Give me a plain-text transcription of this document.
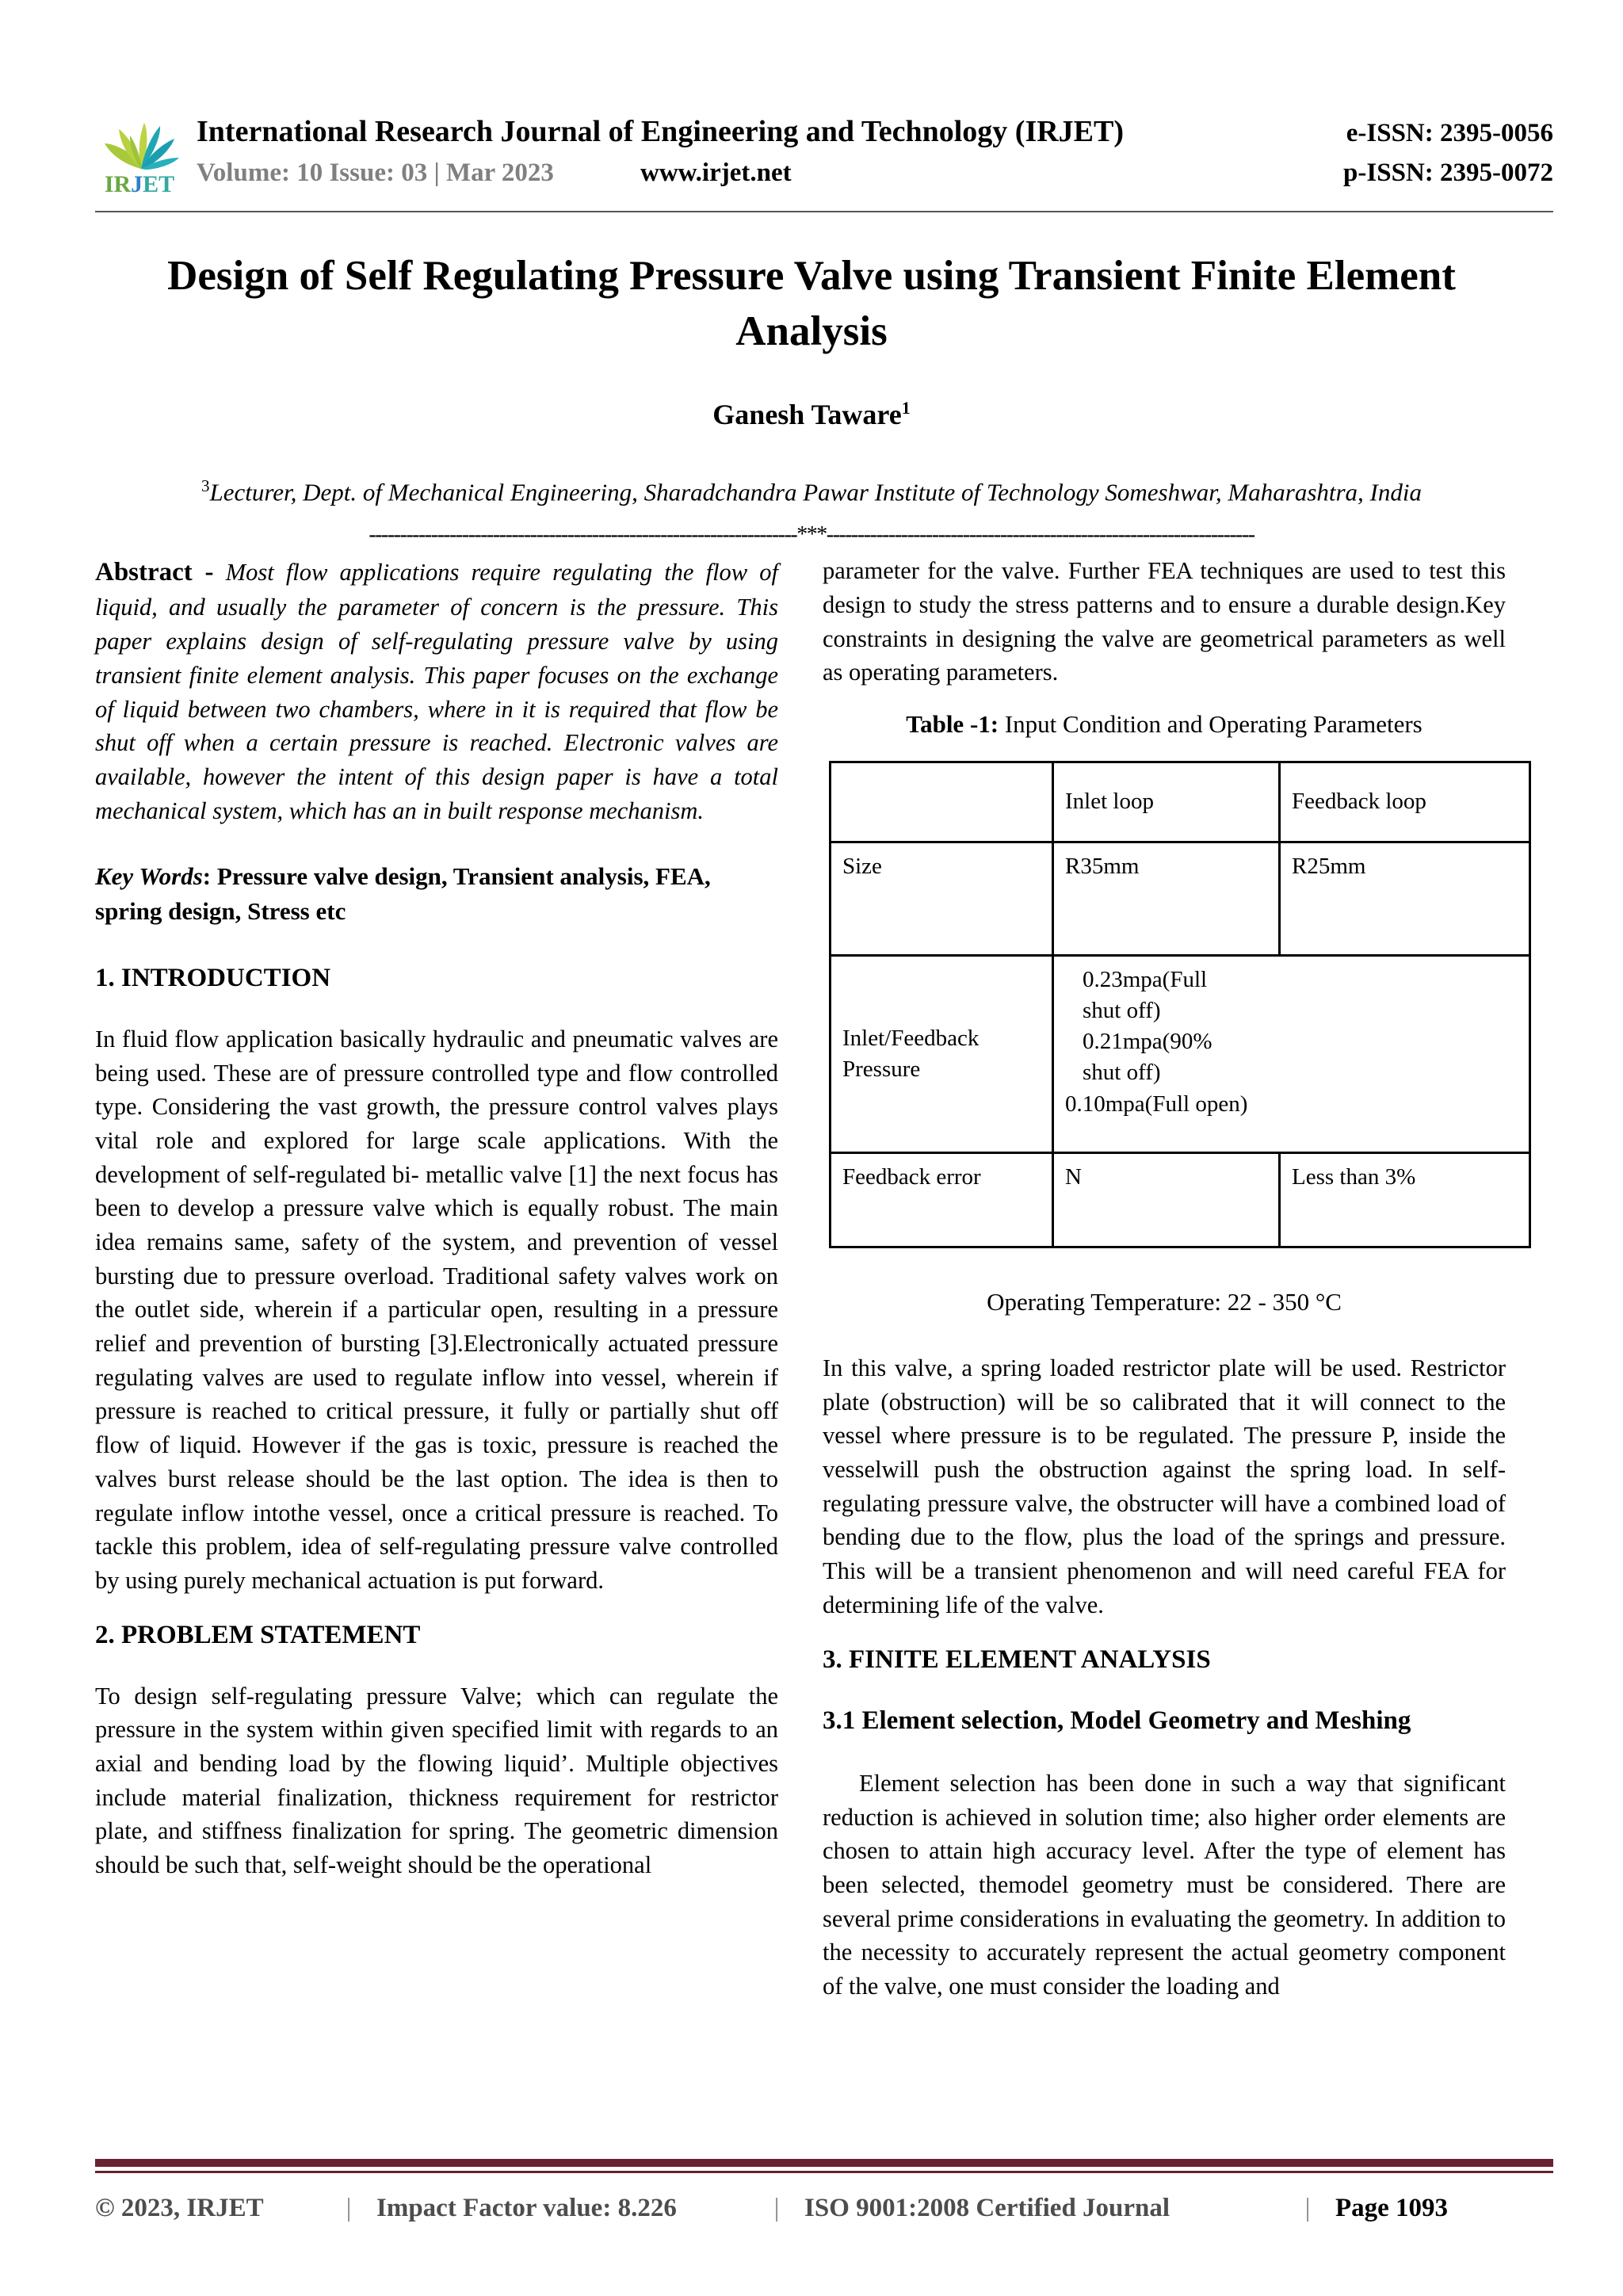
IRJET
International Research Journal of Engineering and Technology (IRJET)	e-ISSN: 2395-0056
Volume: 10 Issue: 03 | Mar 2023	www.irjet.net	p-ISSN: 2395-0072
Design of Self Regulating Pressure Valve using Transient Finite Element Analysis
Ganesh Taware$^1$
$^3$Lecturer, Dept. of Mechanical Engineering, Sharadchandra Pawar Institute of Technology Someshwar, Maharashtra, India
---------------------------------------------------------------------***---------------------------------------------------------------------

Abstract - Most flow applications require regulating the flow of liquid, and usually the parameter of concern is the pressure. This paper explains design of self-regulating pressure valve by using transient finite element analysis. This paper focuses on the exchange of liquid between two chambers, where in it is required that flow be shut off when a certain pressure is reached. Electronic valves are available, however the intent of this design paper is have a total mechanical system, which has an in built response mechanism.

Key Words: Pressure valve design, Transient analysis, FEA, spring design, Stress etc

1. INTRODUCTION

In fluid flow application basically hydraulic and pneumatic valves are being used. These are of pressure controlled type and flow controlled type. Considering the vast growth, the pressure control valves plays vital role and explored for large scale applications. With the development of self-regulated bi- metallic valve [1] the next focus has been to develop a pressure valve which is equally robust. The main idea remains same, safety of the system, and prevention of vessel bursting due to pressure overload. Traditional safety valves work on the outlet side, wherein if a particular open, resulting in a pressure relief and prevention of bursting [3].Electronically actuated pressure regulating valves are used to regulate inflow into vessel, wherein if pressure is reached to critical pressure, it fully or partially shut off flow of liquid. However if the gas is toxic, pressure is reached the valves burst release should be the last option. The idea is then to regulate inflow intothe vessel, once a critical pressure is reached. To tackle this problem, idea of self-regulating pressure valve controlled by using purely mechanical actuation is put forward.

2. PROBLEM STATEMENT

To design self-regulating pressure Valve; which can regulate the pressure in the system within given specified limit with regards to an axial and bending load by the flowing liquid’. Multiple objectives include material finalization, thickness requirement for restrictor plate, and stiffness finalization for spring. The geometric dimension should be such that, self-weight should be the operational

parameter for the valve. Further FEA techniques are used to test this design to study the stress patterns and to ensure a durable design.Key constraints in designing the valve are geometrical parameters as well as operating parameters.

Table -1: Input Condition and Operating Parameters
	Inlet loop	Feedback loop
Size	R35mm	R25mm
Inlet/Feedback Pressure	0.23mpa(Full
shut off)
0.21mpa(90%
shut off)
0.10mpa(Full open)	

Feedback error	N	Less than 3%
Operating Temperature: 22 - 350 °C

In this valve, a spring loaded restrictor plate will be used. Restrictor plate (obstruction) will be so calibrated that it will connect to the vessel where pressure is to be regulated. The pressure P, inside the vesselwill push the obstruction against the spring load. In self-regulating pressure valve, the obstructer will have a combined load of bending due to the flow, plus the load of the springs and pressure. This will be a transient phenomenon and will need careful FEA for determining life of the valve.

3. FINITE ELEMENT ANALYSIS
3.1 Element selection, Model Geometry and Meshing

Element selection has been done in such a way that significant reduction is achieved in solution time; also higher order elements are chosen to attain high accuracy level. After the type of element has been selected, themodel geometry must be considered. There are several prime considerations in evaluating the geometry. In addition to the necessity to accurately represent the actual geometry component of the valve, one must consider the loading and

© 2023, IRJET	| Impact Factor value: 8.226	| ISO 9001:2008 Certified Journal	| Page 1093
